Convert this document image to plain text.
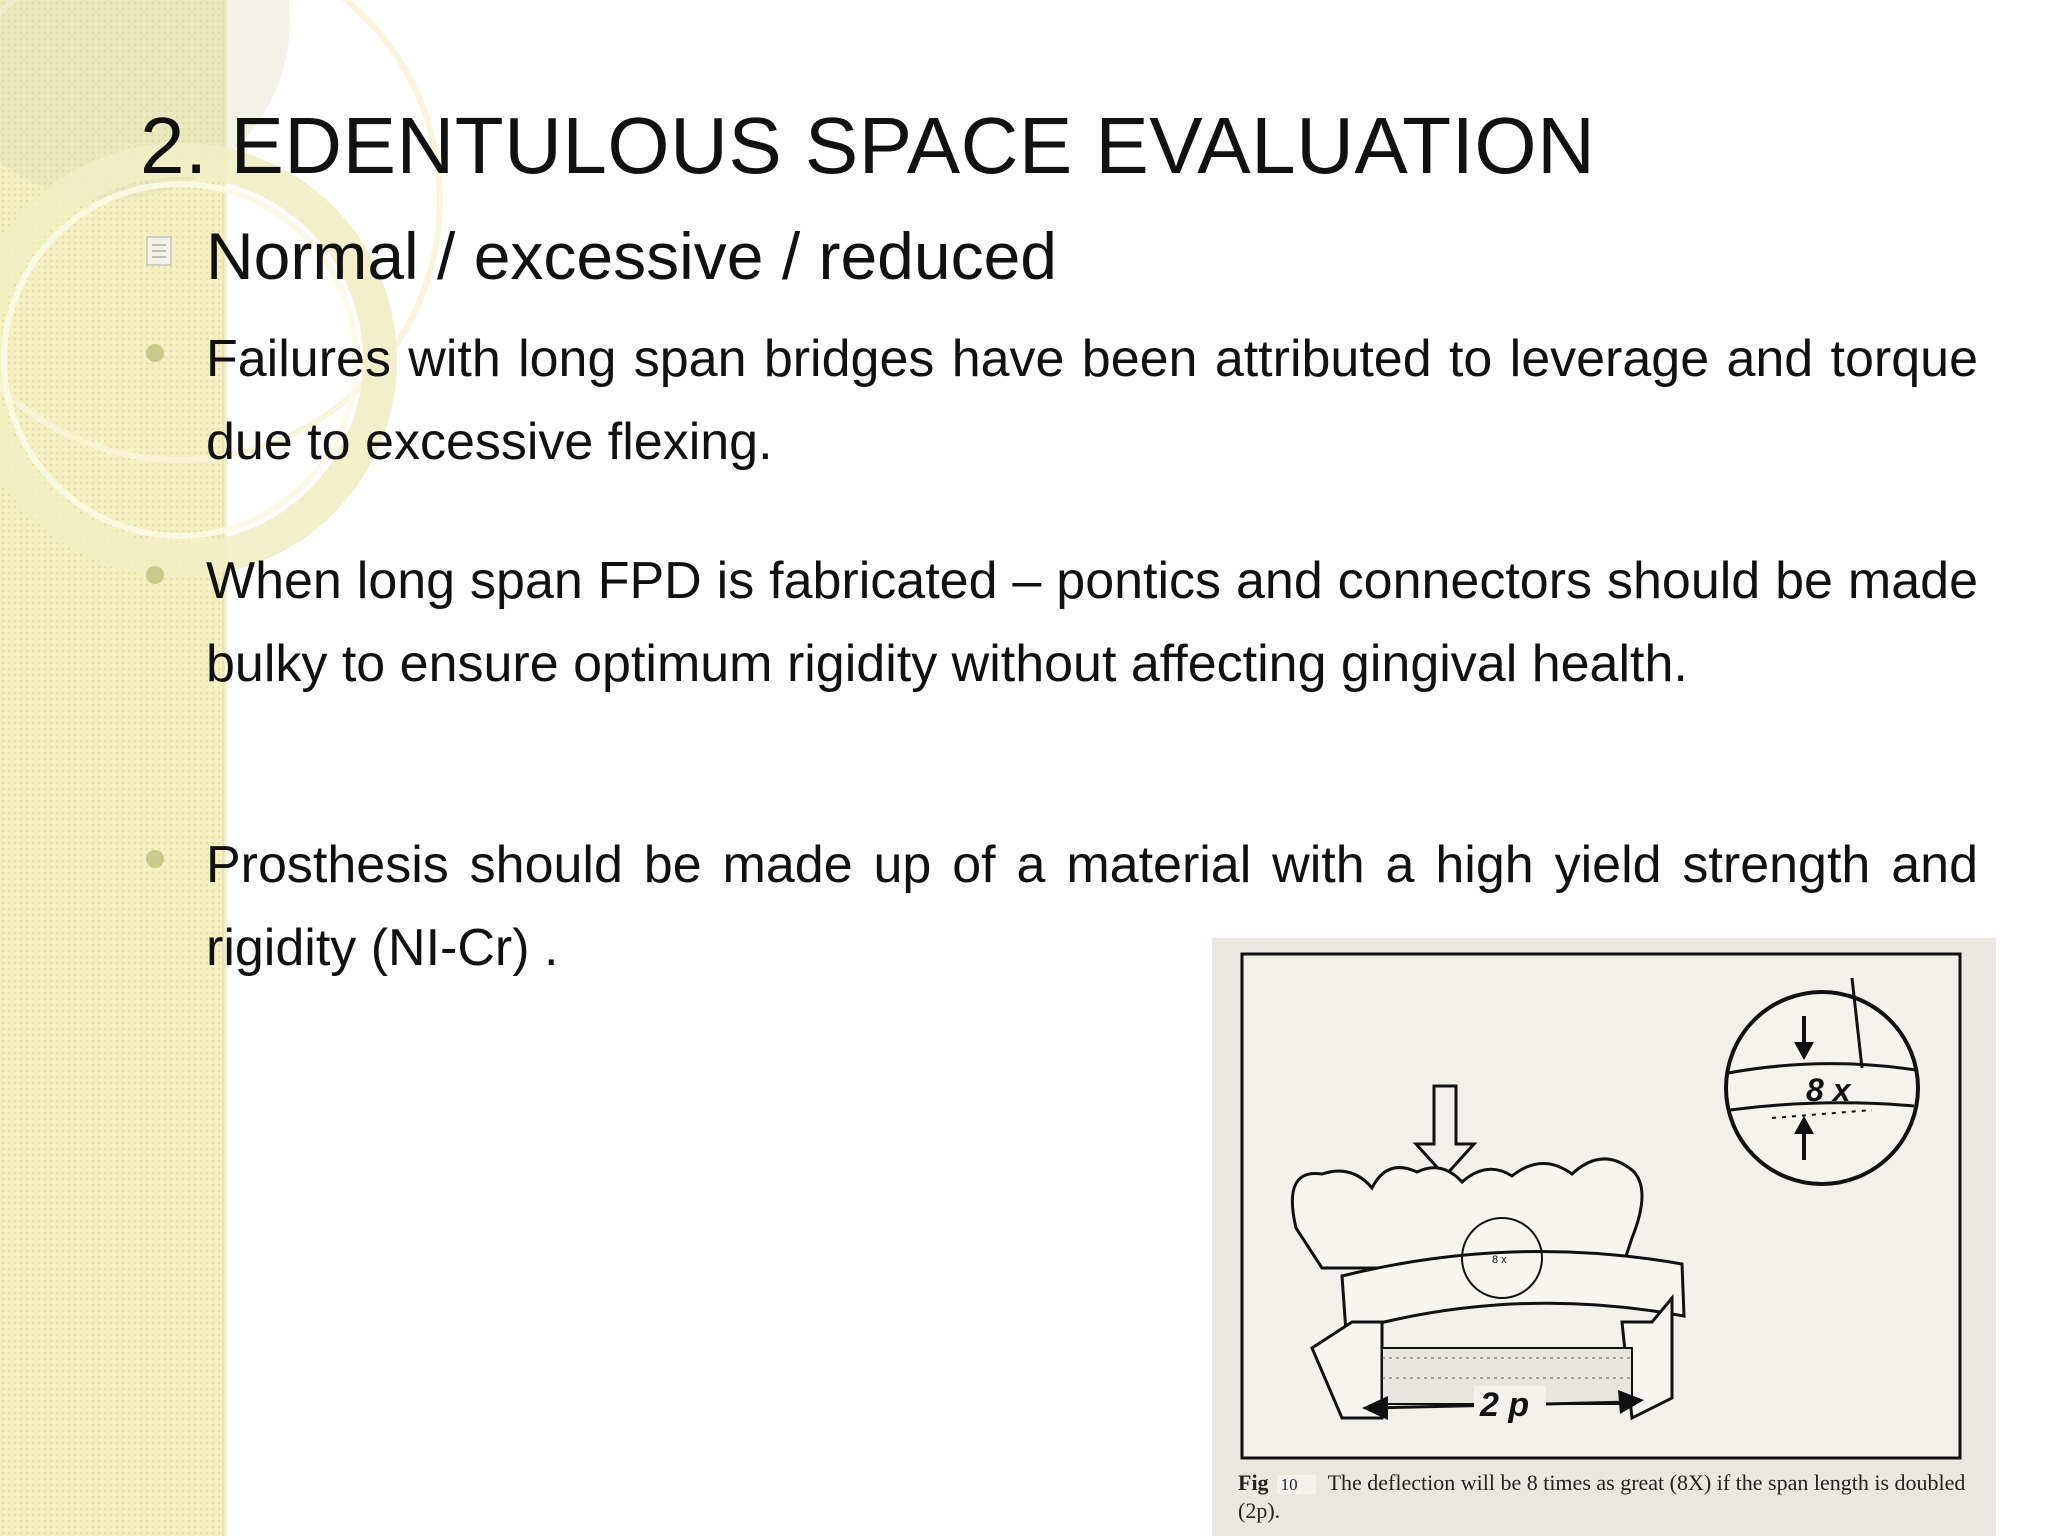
2. EDENTULOUS SPACE EVALUATION
Normal / excessive / reduced
Failures with long span bridges have been attributed to leverage and torque due to excessive flexing.
When long span FPD is fabricated – pontics and connectors should be made bulky to ensure optimum rigidity without affecting gingival health.
Prosthesis should be made up of a material with a high yield strength and rigidity (NI-Cr) .
8 x
8 x
2 p
Fig 10 The deflection will be 8 times as great (8X) if the span length is doubled (2p).
